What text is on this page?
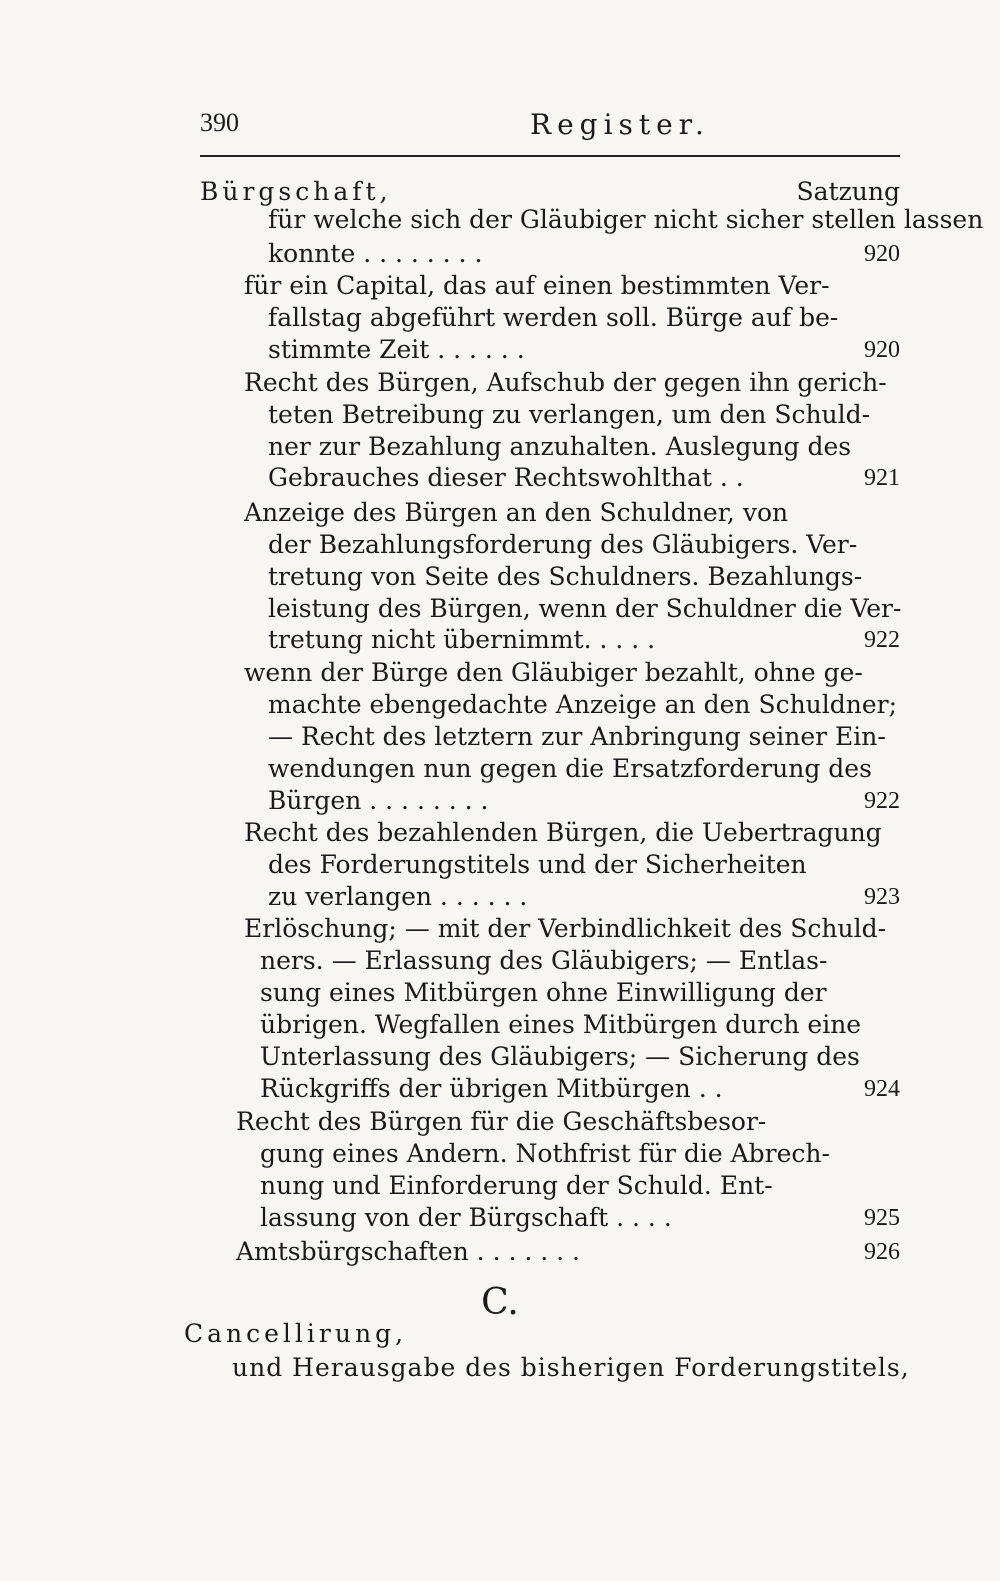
390	Register.
Bürgschaft,	Satzung
für welche sich der Gläubiger nicht sicher stellen lassen
konnte . . . . . . . .	920
für ein Capital, das auf einen bestimmten Ver-
fallstag abgeführt werden soll. Bürge auf be-
stimmte Zeit . . . . . .	920
Recht des Bürgen, Aufschub der gegen ihn gerich-
teten Betreibung zu verlangen, um den Schuld-
ner zur Bezahlung anzuhalten. Auslegung des
Gebrauches dieser Rechtswohlthat . .	921
Anzeige des Bürgen an den Schuldner, von
der Bezahlungsforderung des Gläubigers. Ver-
tretung von Seite des Schuldners. Bezahlungs-
leistung des Bürgen, wenn der Schuldner die Ver-
tretung nicht übernimmt. . . . .	922
wenn der Bürge den Gläubiger bezahlt, ohne ge-
machte ebengedachte Anzeige an den Schuldner;
— Recht des letztern zur Anbringung seiner Ein-
wendungen nun gegen die Ersatzforderung des
Bürgen . . . . . . . .	922
Recht des bezahlenden Bürgen, die Uebertragung
des Forderungstitels und der Sicherheiten
zu verlangen . . . . . .	923
Erlöschung; — mit der Verbindlichkeit des Schuld-
ners. — Erlassung des Gläubigers; — Entlas-
sung eines Mitbürgen ohne Einwilligung der
übrigen. Wegfallen eines Mitbürgen durch eine
Unterlassung des Gläubigers; — Sicherung des
Rückgriffs der übrigen Mitbürgen . .	924
Recht des Bürgen für die Geschäftsbesor-
gung eines Andern. Nothfrist für die Abrech-
nung und Einforderung der Schuld. Ent-
lassung von der Bürgschaft . . . .	925
Amtsbürgschaften . . . . . . .	926
C.
Cancellirung,
und Herausgabe des bisherigen Forderungstitels,
